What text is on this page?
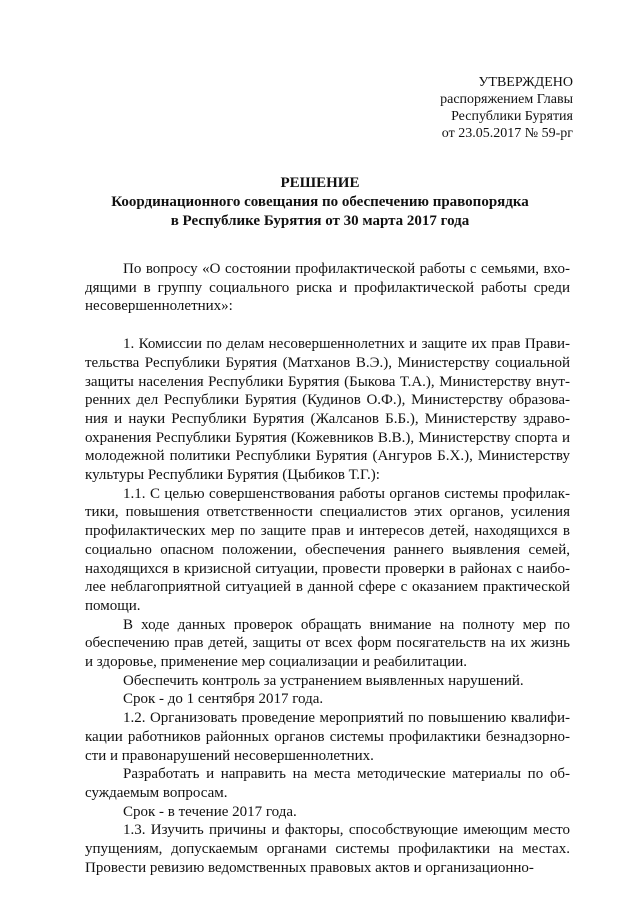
УТВЕРЖДЕНО
распоряжением Главы
Республики Бурятия
от 23.05.2017 № 59-рг
РЕШЕНИЕ
Координационного совещания по обеспечению правопорядка
в Республике Бурятия от 30 марта 2017 года

По вопросу «О состоянии профилактической работы с семьями, входящими в группу социального риска и профилактической работы среди несовершеннолетних»:

1. Комиссии по делам несовершеннолетних и защите их прав Правительства Республики Бурятия (Матханов В.Э.), Министерству социальной защиты населения Республики Бурятия (Быкова Т.А.), Министерству внутренних дел Республики Бурятия (Кудинов О.Ф.), Министерству образования и науки Республики Бурятия (Жалсанов Б.Б.), Министерству здравоохранения Республики Бурятия (Кожевников В.В.), Министерству спорта и молодежной политики Республики Бурятия (Ангуров Б.Х.), Министерству культуры Республики Бурятия (Цыбиков Т.Г.):

1.1. С целью совершенствования работы органов системы профилактики, повышения ответственности специалистов этих органов, усиления профилактических мер по защите прав и интересов детей, находящихся в социально опасном положении, обеспечения раннего выявления семей, находящихся в кризисной ситуации, провести проверки в районах с наиболее неблагоприятной ситуацией в данной сфере с оказанием практической помощи.

В ходе данных проверок обращать внимание на полноту мер по обеспечению прав детей, защиты от всех форм посягательств на их жизнь и здоровье, применение мер социализации и реабилитации.

Обеспечить контроль за устранением выявленных нарушений.

Срок - до 1 сентября 2017 года.

1.2. Организовать проведение мероприятий по повышению квалификации работников районных органов системы профилактики безнадзорности и правонарушений несовершеннолетних.

Разработать и направить на места методические материалы по обсуждаемым вопросам.

Срок - в течение 2017 года.

1.3. Изучить причины и факторы, способствующие имеющим место упущениям, допускаемым органами системы профилактики на местах. Провести ревизию ведомственных правовых актов и организационно-
